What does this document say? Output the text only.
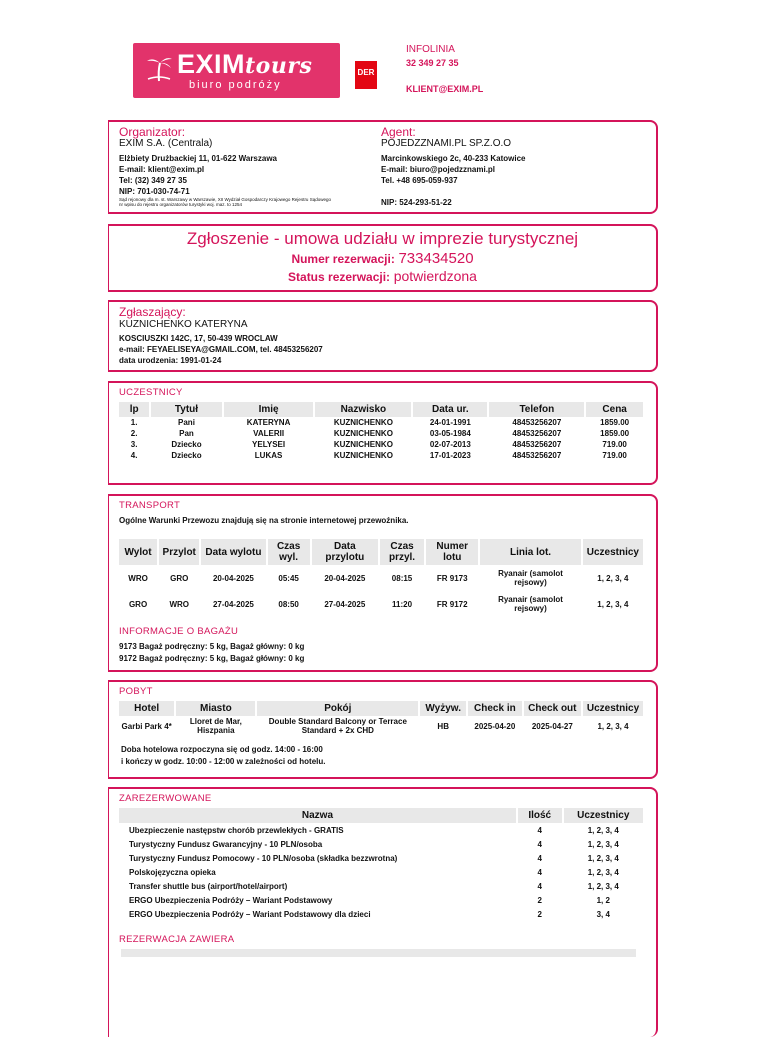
EXIMtours
biuro podróży
DER
INFOLINIA
32 349 27 35
KLIENT@EXIM.PL
Organizator:
EXIM S.A. (Centrala)
Elżbiety Drużbackiej 11, 01-622 Warszawa
E-mail: klient@exim.pl
Tel: (32) 349 27 35
NIP: 701-030-74-71
Sąd rejonowy dla m. st. Warszawy w Warszawie, XII Wydział Gospodarczy Krajowego Rejestru Sądowego
nr wpisu do rejestru organizatorów turystyki woj. maz. to 1254
Agent:
POJEDZZNAMI.PL SP.Z.O.O
Marcinkowskiego 2c, 40-233 Katowice
E-mail: biuro@pojedzznami.pl
Tel. +48 695-059-937
NIP: 524-293-51-22
Zgłoszenie - umowa udziału w imprezie turystycznej
Numer rezerwacji: 733434520
Status rezerwacji: potwierdzona
Zgłaszający:
KUZNICHENKO KATERYNA
KOSCIUSZKI 142C, 17, 50-439 WROCLAW
e-mail: FEYAELISEYA@GMAIL.COM, tel. 48453256207
data urodzenia: 1991-01-24
UCZESTNICY
lp	Tytuł	Imię	Nazwisko	Data ur.	Telefon	Cena
1.	Pani	KATERYNA	KUZNICHENKO	24-01-1991	48453256207	1859.00
2.	Pan	VALERII	KUZNICHENKO	03-05-1984	48453256207	1859.00
3.	Dziecko	YELYSEI	KUZNICHENKO	02-07-2013	48453256207	719.00
4.	Dziecko	LUKAS	KUZNICHENKO	17-01-2023	48453256207	719.00
TRANSPORT
Ogólne Warunki Przewozu znajdują się na stronie internetowej przewoźnika.
Wylot	Przylot	Data wylotu	Czas wyl.	Data przylotu	Czas przyl.	Numer lotu	Linia lot.	Uczestnicy
WRO	GRO	20-04-2025	05:45	20-04-2025	08:15	FR 9173	Ryanair (samolot rejsowy)	1, 2, 3, 4
GRO	WRO	27-04-2025	08:50	27-04-2025	11:20	FR 9172	Ryanair (samolot rejsowy)	1, 2, 3, 4
INFORMACJE O BAGAŻU
9173 Bagaż podręczny: 5 kg, Bagaż główny: 0 kg
9172 Bagaż podręczny: 5 kg, Bagaż główny: 0 kg
POBYT
Hotel	Miasto	Pokój	Wyżyw.	Check in	Check out	Uczestnicy
Garbi Park 4*	Lloret de Mar, Hiszpania	Double Standard Balcony or Terrace Standard + 2x CHD	HB	2025-04-20	2025-04-27	1, 2, 3, 4
Doba hotelowa rozpoczyna się od godz. 14:00 - 16:00
i kończy w godz. 10:00 - 12:00 w zależności od hotelu.
ZAREZERWOWANE
Nazwa	Ilość	Uczestnicy
Ubezpieczenie następstw chorób przewlekłych - GRATIS	4	1, 2, 3, 4
Turystyczny Fundusz Gwarancyjny - 10 PLN/osoba	4	1, 2, 3, 4
Turystyczny Fundusz Pomocowy - 10 PLN/osoba (składka bezzwrotna)	4	1, 2, 3, 4
Polskojęzyczna opieka	4	1, 2, 3, 4
Transfer shuttle bus (airport/hotel/airport)	4	1, 2, 3, 4
ERGO Ubezpieczenia Podróży – Wariant Podstawowy	2	1, 2
ERGO Ubezpieczenia Podróży – Wariant Podstawowy dla dzieci	2	3, 4
REZERWACJA ZAWIERA
